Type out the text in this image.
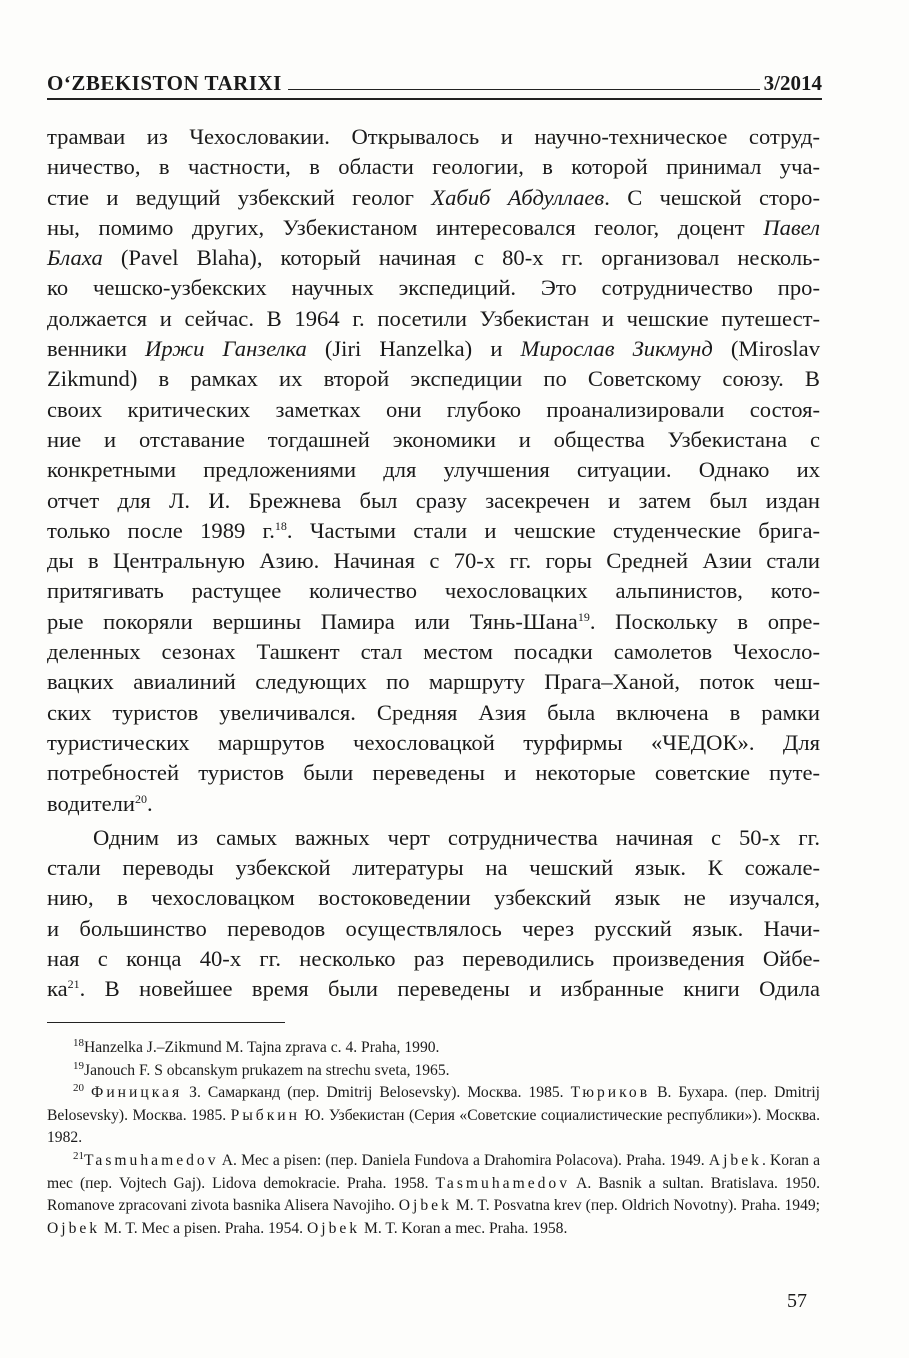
O‘ZBEKISTON TARIXI	3/2014
трамваи из Чехословакии. Открывалось и научно-техническое сотруд-
ничество, в частности, в области геологии, в которой принимал уча-
стие и ведущий узбекский геолог Хабиб Абдуллаев. С чешской сторо-
ны, помимо других, Узбекистаном интересовался геолог, доцент Павел
Блаха (Pavel Blaha), который начиная с 80-х гг. организовал несколь-
ко чешско-узбекских научных экспедиций. Это сотрудничество про-
должается и сейчас. В 1964 г. посетили Узбекистан и чешские путешест-
венники Иржи Ганзелка (Jiri Hanzelka) и Мирослав Зикмунд (Miroslav
Zikmund) в рамках их второй экспедиции по Советскому союзу. В
своих критических заметках они глубоко проанализировали состоя-
ние и отставание тогдашней экономики и общества Узбекистана с
конкретными предложениями для улучшения ситуации. Однако их
отчет для Л. И. Брежнева был сразу засекречен и затем был издан
только после 1989 г.$^{18}$. Частыми стали и чешские студенческие брига-
ды в Центральную Азию. Начиная с 70-х гг. горы Средней Азии стали
притягивать растущее количество чехословацких альпинистов, кото-
рые покоряли вершины Памира или Тянь-Шана$^{19}$. Поскольку в опре-
деленных сезонах Ташкент стал местом посадки самолетов Чехосло-
вацких авиалиний следующих по маршруту Прага–Ханой, поток чеш-
ских туристов увеличивался. Средняя Азия была включена в рамки
туристических маршрутов чехословацкой турфирмы «ЧЕДОК». Для
потребностей туристов были переведены и некоторые советские путе-
водители$^{20}$.
Одним из самых важных черт сотрудничества начиная с 50-х гг.
стали переводы узбекской литературы на чешский язык. К сожале-
нию, в чехословацком востоковедении узбекский язык не изучался,
и большинство переводов осуществлялось через русский язык. Начи-
ная с конца 40-х гг. несколько раз переводились произведения Ойбе-
$ка^{21}$. В новейшее время были переведены и избранные книги Одила

$^{18}$Hanzelka J.–Zikmund M. Tajna zprava c. 4. Praha, 1990.

$^{19}$Janouch F. S obcanskym prukazem na strechu sveta, 1965.

$^{20}$ Финицкая З. Самарканд (пер. Dmitrij Belosevsky). Москва. 1985. Тюриков В. Бухара. (пер. Dmitrij Belosevsky). Москва. 1985. Рыбкин Ю. Узбекистан (Серия «Советские социалистические республики»). Москва. 1982.

$^{21}$Tasmuhamedov A. Mec a pisen: (пер. Daniela Fundova a Drahomira Polacova). Praha. 1949. Ajbek. Koran a mec (пер. Vojtech Gaj). Lidova demokracie. Praha. 1958. Tasmuhamedov A. Basnik a sultan. Bratislava. 1950. Romanove zpracovani zivota basnika Alisera Navojiho. Ojbek M. T. Posvatna krev (пер. Oldrich Novotny). Praha. 1949; Ojbek M. T. Mec a pisen. Praha. 1954. Ojbek M. T. Koran a mec. Praha. 1958.

57
